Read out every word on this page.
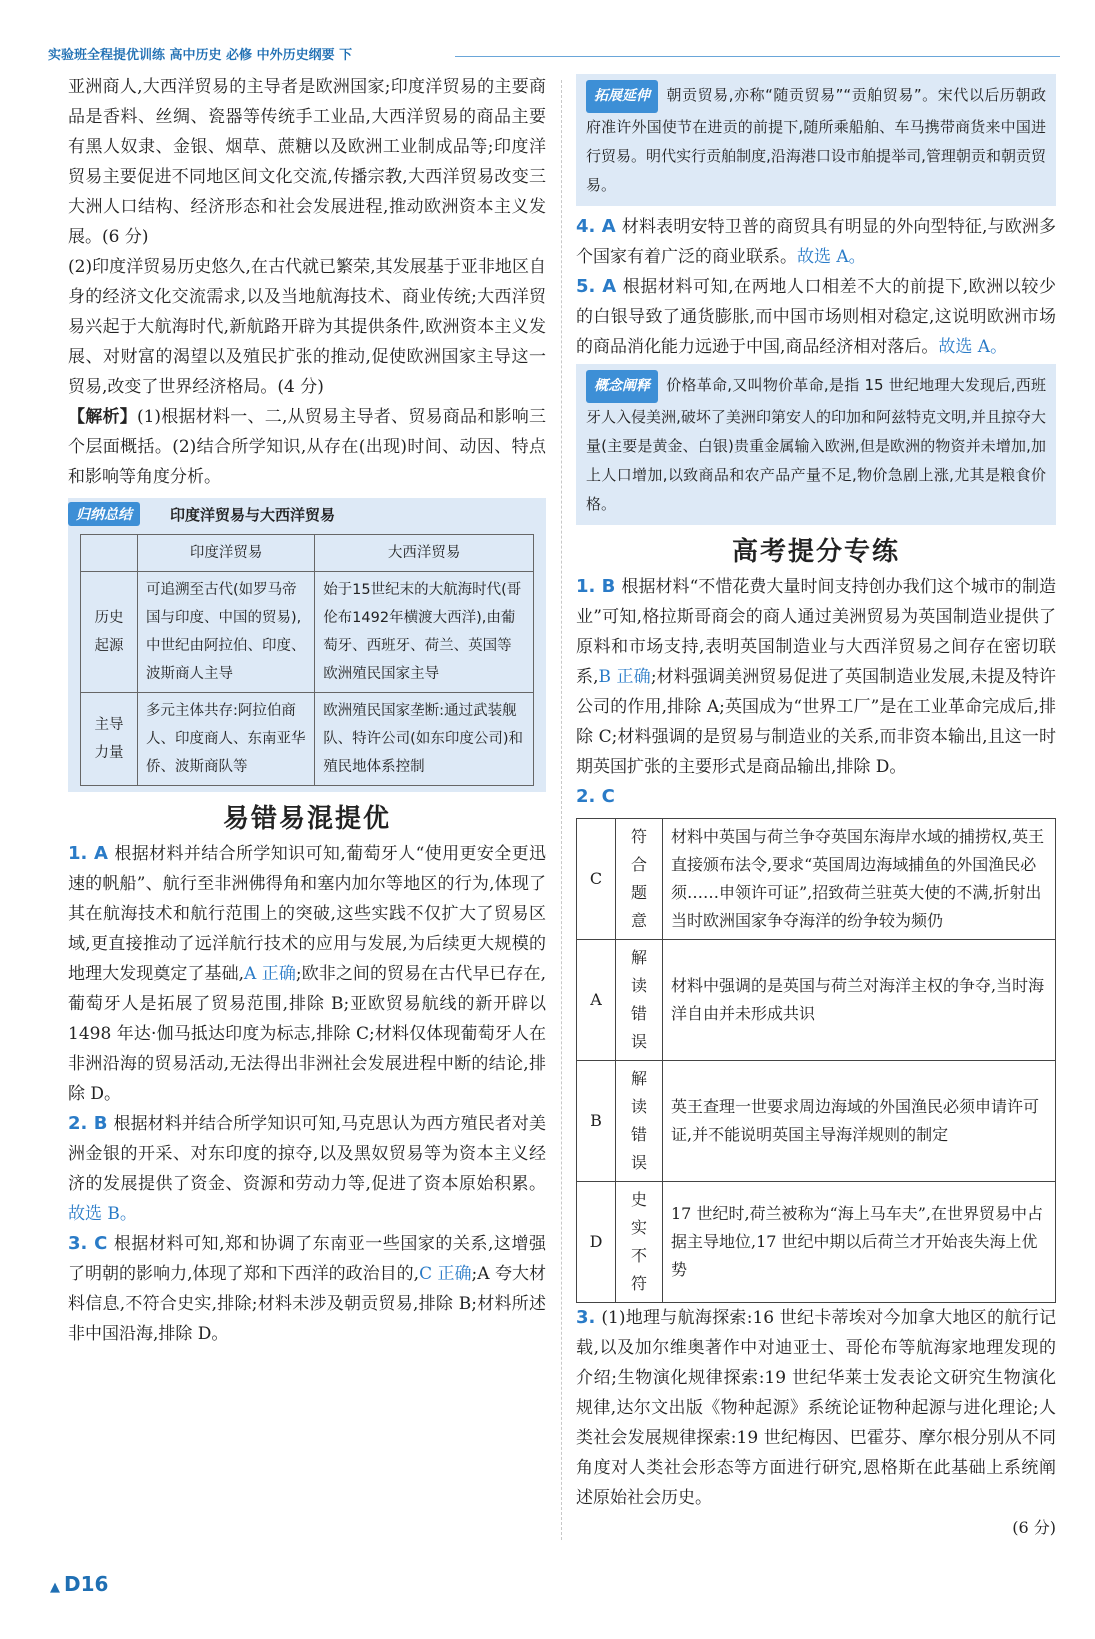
实验班全程提优训练 高中历史 必修 中外历史纲要 下

亚洲商人,大西洋贸易的主导者是欧洲国家;印度洋贸易的主要商品是香料、丝绸、瓷器等传统手工业品,大西洋贸易的商品主要有黑人奴隶、金银、烟草、蔗糖以及欧洲工业制成品等;印度洋贸易主要促进不同地区间文化交流,传播宗教,大西洋贸易改变三大洲人口结构、经济形态和社会发展进程,推动欧洲资本主义发展。(6 分)

(2)印度洋贸易历史悠久,在古代就已繁荣,其发展基于亚非地区自身的经济文化交流需求,以及当地航海技术、商业传统;大西洋贸易兴起于大航海时代,新航路开辟为其提供条件,欧洲资本主义发展、对财富的渴望以及殖民扩张的推动,促使欧洲国家主导这一贸易,改变了世界经济格局。(4 分)

【解析】(1)根据材料一、二,从贸易主导者、贸易商品和影响三个层面概括。(2)结合所学知识,从存在(出现)时间、动因、特点和影响等角度分析。

归纳总结	印度洋贸易与大西洋贸易
	印度洋贸易	大西洋贸易
历史起源	可追溯至古代(如罗马帝国与印度、中国的贸易),中世纪由阿拉伯、印度、波斯商人主导	始于15世纪末的大航海时代(哥伦布1492年横渡大西洋),由葡萄牙、西班牙、荷兰、英国等欧洲殖民国家主导
主导力量	多元主体共存:阿拉伯商人、印度商人、东南亚华侨、波斯商队等	欧洲殖民国家垄断:通过武装舰队、特许公司(如东印度公司)和殖民地体系控制
易错易混提优

1. A 根据材料并结合所学知识可知,葡萄牙人“使用更安全更迅速的帆船”、航行至非洲佛得角和塞内加尔等地区的行为,体现了其在航海技术和航行范围上的突破,这些实践不仅扩大了贸易区域,更直接推动了远洋航行技术的应用与发展,为后续更大规模的地理大发现奠定了基础,A 正确;欧非之间的贸易在古代早已存在,葡萄牙人是拓展了贸易范围,排除 B;亚欧贸易航线的新开辟以 1498 年达·伽马抵达印度为标志,排除 C;材料仅体现葡萄牙人在非洲沿海的贸易活动,无法得出非洲社会发展进程中断的结论,排除 D。

2. B 根据材料并结合所学知识可知,马克思认为西方殖民者对美洲金银的开采、对东印度的掠夺,以及黑奴贸易等为资本主义经济的发展提供了资金、资源和劳动力等,促进了资本原始积累。故选 B。

3. C 根据材料可知,郑和协调了东南亚一些国家的关系,这增强了明朝的影响力,体现了郑和下西洋的政治目的,C 正确;A 夸大材料信息,不符合史实,排除;材料未涉及朝贡贸易,排除 B;材料所述非中国沿海,排除 D。

拓展延伸 朝贡贸易,亦称“随贡贸易”“贡舶贸易”。宋代以后历朝政府准许外国使节在进贡的前提下,随所乘船舶、车马携带商货来中国进行贸易。明代实行贡舶制度,沿海港口设市舶提举司,管理朝贡和朝贡贸易。

4. A 材料表明安特卫普的商贸具有明显的外向型特征,与欧洲多个国家有着广泛的商业联系。故选 A。

5. A 根据材料可知,在两地人口相差不大的前提下,欧洲以较少的白银导致了通货膨胀,而中国市场则相对稳定,这说明欧洲市场的商品消化能力远逊于中国,商品经济相对落后。故选 A。

概念阐释 价格革命,又叫物价革命,是指 15 世纪地理大发现后,西班牙人入侵美洲,破坏了美洲印第安人的印加和阿兹特克文明,并且掠夺大量(主要是黄金、白银)贵重金属输入欧洲,但是欧洲的物资并未增加,加上人口增加,以致商品和农产品产量不足,物价急剧上涨,尤其是粮食价格。

高考提分专练

1. B 根据材料“不惜花费大量时间支持创办我们这个城市的制造业”可知,格拉斯哥商会的商人通过美洲贸易为英国制造业提供了原料和市场支持,表明英国制造业与大西洋贸易之间存在密切联系,B 正确;材料强调美洲贸易促进了英国制造业发展,未提及特许公司的作用,排除 A;英国成为“世界工厂”是在工业革命完成后,排除 C;材料强调的是贸易与制造业的关系,而非资本输出,且这一时期英国扩张的主要形式是商品输出,排除 D。

2. C

C	符合题意	材料中英国与荷兰争夺英国东海岸水域的捕捞权,英王直接颁布法令,要求“英国周边海域捕鱼的外国渔民必须……申领许可证”,招致荷兰驻英大使的不满,折射出当时欧洲国家争夺海洋的纷争较为频仍
A	解读错误	材料中强调的是英国与荷兰对海洋主权的争夺,当时海洋自由并未形成共识
B	解读错误	英王查理一世要求周边海域的外国渔民必须申请许可证,并不能说明英国主导海洋规则的制定
D	史实不符	17 世纪时,荷兰被称为“海上马车夫”,在世界贸易中占据主导地位,17 世纪中期以后荷兰才开始丧失海上优势

3. (1)地理与航海探索:16 世纪卡蒂埃对今加拿大地区的航行记载,以及加尔维奥著作中对迪亚士、哥伦布等航海家地理发现的介绍;生物演化规律探索:19 世纪华莱士发表论文研究生物演化规律,达尔文出版《物种起源》系统论证物种起源与进化理论;人类社会发展规律探索:19 世纪梅因、巴霍芬、摩尔根分别从不同角度对人类社会形态等方面进行研究,恩格斯在此基础上系统阐述原始社会历史。

(6 分)

▲ D16
